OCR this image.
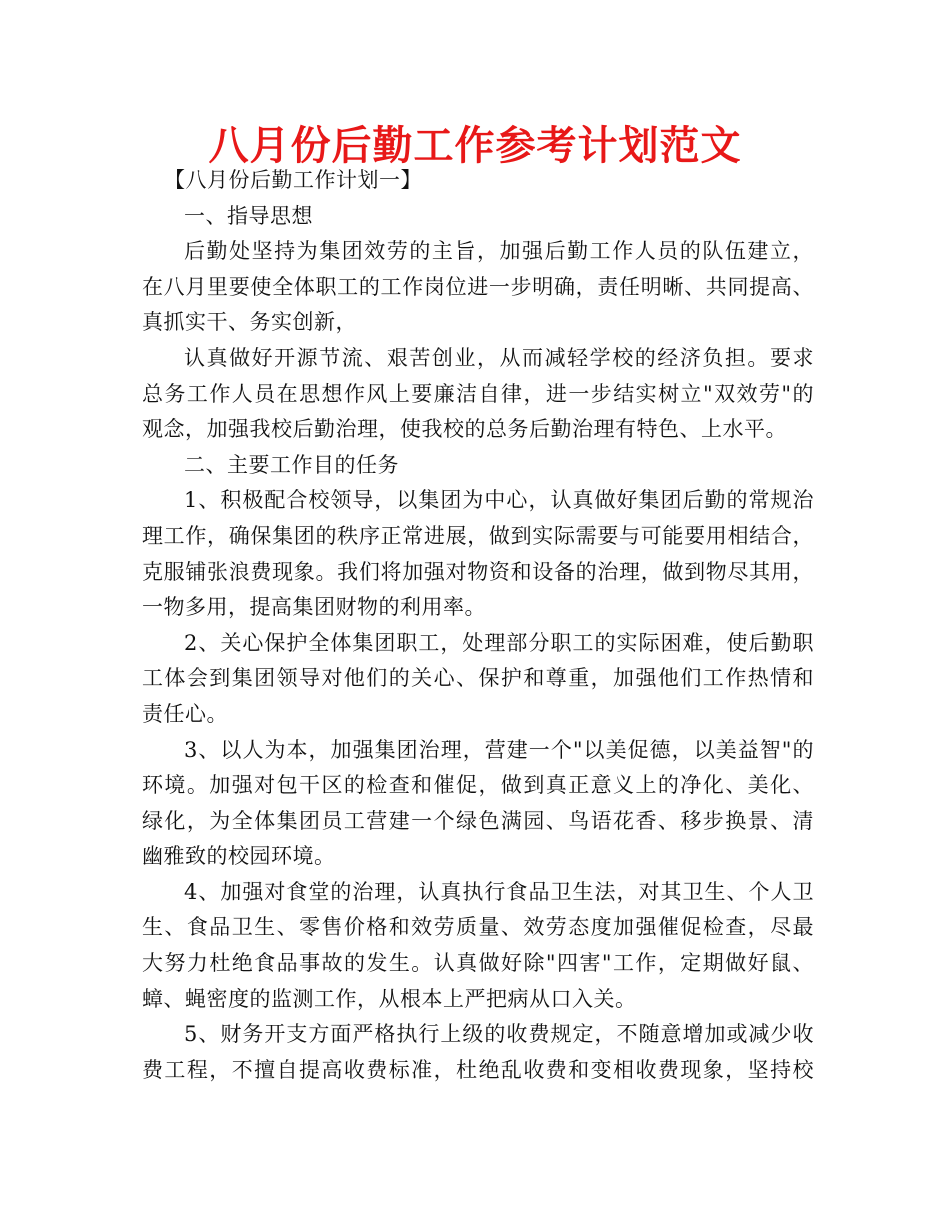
八月份后勤工作参考计划范文
【八月份后勤工作计划一】
一、指导思想
后勤处坚持为集团效劳的主旨，加强后勤工作人员的队伍建立，
在八月里要使全体职工的工作岗位进一步明确，责任明晰、共同提高、
真抓实干、务实创新，
认真做好开源节流、艰苦创业，从而减轻学校的经济负担。要求
总务工作人员在思想作风上要廉洁自律，进一步结实树立"双效劳"的
观念，加强我校后勤治理，使我校的总务后勤治理有特色、上水平。
二、主要工作目的任务
1、积极配合校领导，以集团为中心，认真做好集团后勤的常规治
理工作，确保集团的秩序正常进展，做到实际需要与可能要用相结合，
克服铺张浪费现象。我们将加强对物资和设备的治理，做到物尽其用，
一物多用，提高集团财物的利用率。
2、关心保护全体集团职工，处理部分职工的实际困难，使后勤职
工体会到集团领导对他们的关心、保护和尊重，加强他们工作热情和
责任心。
3、以人为本，加强集团治理，营建一个"以美促德，以美益智"的
环境。加强对包干区的检查和催促，做到真正意义上的净化、美化、
绿化，为全体集团员工营建一个绿色满园、鸟语花香、移步换景、清
幽雅致的校园环境。
4、加强对食堂的治理，认真执行食品卫生法，对其卫生、个人卫
生、食品卫生、零售价格和效劳质量、效劳态度加强催促检查，尽最
大努力杜绝食品事故的发生。认真做好除"四害"工作，定期做好鼠、
蟑、蝇密度的监测工作，从根本上严把病从口入关。
5、财务开支方面严格执行上级的收费规定，不随意增加或减少收
费工程，不擅自提高收费标准，杜绝乱收费和变相收费现象，坚持校
